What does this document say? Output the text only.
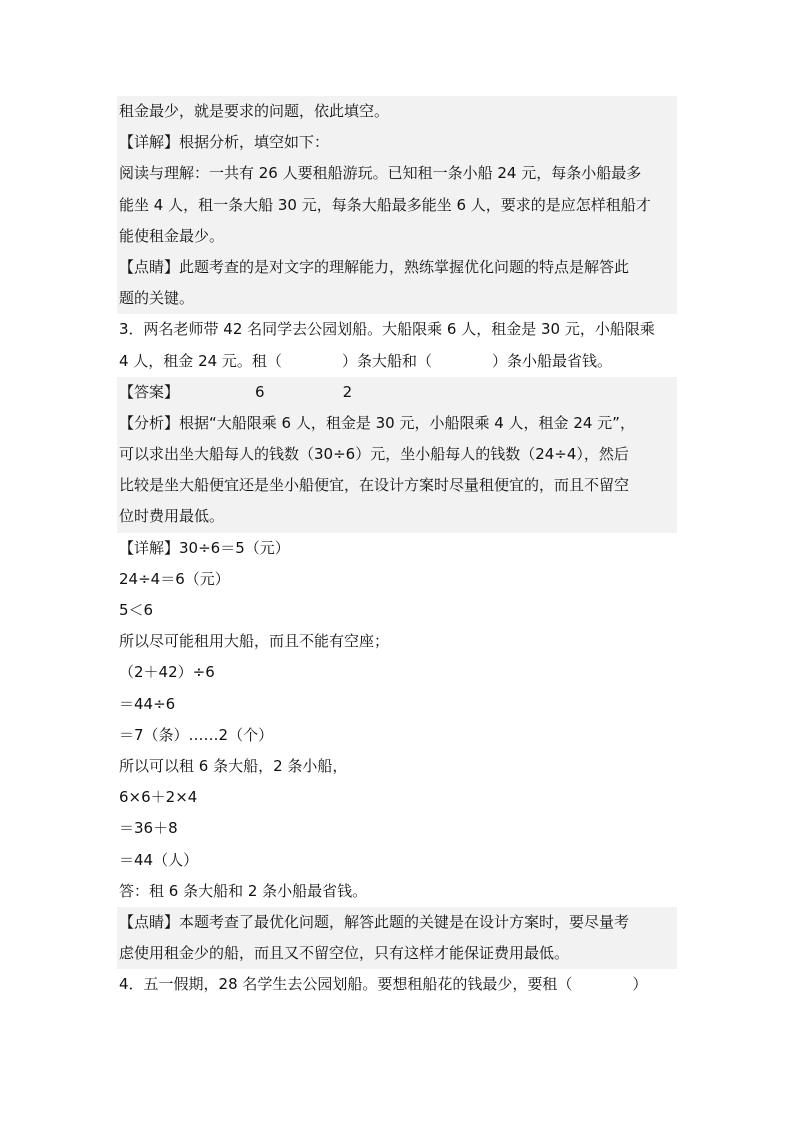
租金最少，就是要求的问题，依此填空。
【详解】根据分析，填空如下：
阅读与理解：一共有 26 人要租船游玩。已知租一条小船 24 元，每条小船最多
能坐 4 人，租一条大船 30 元，每条大船最多能坐 6 人，要求的是应怎样租船才
能使租金最少。
【点睛】此题考查的是对文字的理解能力，熟练掌握优化问题的特点是解答此
题的关键。
3．两名老师带 42 名同学去公园划船。大船限乘 6 人，租金是 30 元，小船限乘
4 人，租金 24 元。租（	）条大船和（	）条小船最省钱。
【答案】	6	2
【分析】根据“大船限乘 6 人，租金是 30 元，小船限乘 4 人，租金 24 元”，
可以求出坐大船每人的钱数（30÷6）元，坐小船每人的钱数（24÷4），然后
比较是坐大船便宜还是坐小船便宜，在设计方案时尽量租便宜的，而且不留空
位时费用最低。
【详解】30÷6＝5（元）
24÷4＝6（元）
5＜6
所以尽可能租用大船，而且不能有空座；
（2＋42）÷6
＝44÷6
＝7（条）……2（个）
所以可以租 6 条大船，2 条小船，
6×6＋2×4
＝36＋8
＝44（人）
答：租 6 条大船和 2 条小船最省钱。
【点睛】本题考查了最优化问题，解答此题的关键是在设计方案时，要尽量考
虑使用租金少的船，而且又不留空位，只有这样才能保证费用最低。
4．五一假期，28 名学生去公园划船。要想租船花的钱最少，要租（	）
